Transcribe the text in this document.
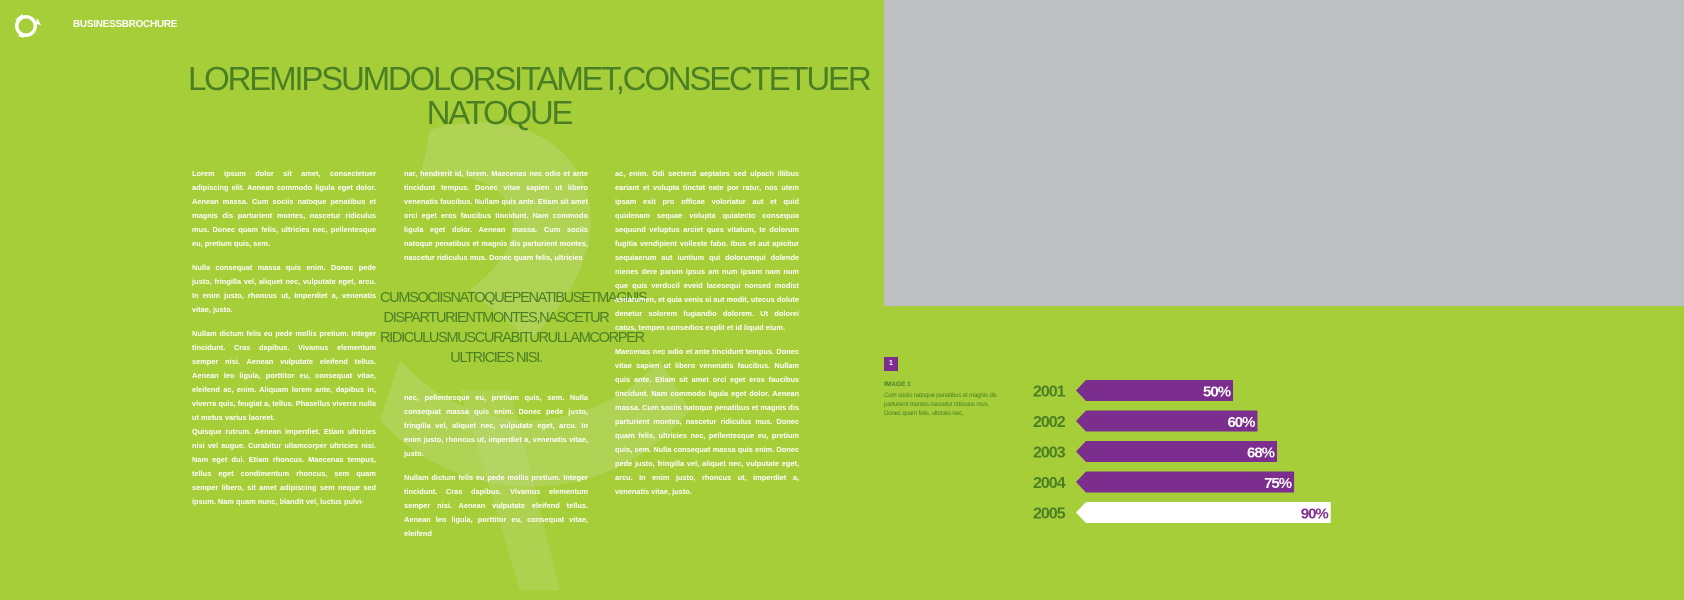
06	BUSINESSBROCHURE
LOREMIPSUMDOLORSITAMET,CONSECTETUER
NATOQUE

Lorem ipsum dolor sit amet, consectetuer adipiscing elit. Aenean commodo ligula eget dolor. Aenean massa. Cum sociis natoque penatibus et magnis dis parturient montes, nascetur ridiculus mus. Donec quam felis, ultricies nec, pellentesque eu, pretium quis, sem.

Nulla consequat massa quis enim. Donec pede justo, fringilla vel, aliquet nec, vulputate eget, arcu. In enim justo, rhoncus ut, imperdiet a, venenatis vitae, justo.

Nullam dictum felis eu pede mollis pretium. Integer tincidunt. Cras dapibus. Vivamus elementum semper nisi. Aenean vulputate eleifend tellus. Aenean leo ligula, porttitor eu, consequat vitae, eleifend ac, enim. Aliquam lorem ante, dapibus in, viverra quis, feugiat a, tellus. Phasellus viverra nulla ut metus varius laoreet.

Quisque rutrum. Aenean imperdiet. Etiam ultricies nisi vel augue. Curabitur ullamcorper ultricies nisi. Nam eget dui. Etiam rhoncus. Maecenas tempus, tellus eget condimentum rhoncus, sem quam semper libero, sit amet adipiscing sem neque sed ipsum. Nam quam nunc, blandit vel, luctus pulvi-

nar, hendrerit id, lorem. Maecenas nec odio et ante tincidunt tempus. Donec vitae sapien ut libero venenatis faucibus. Nullam quis ante. Etiam sit amet orci eget eros faucibus tincidunt. Nam commodo ligula eget dolor. Aenean massa. Cum sociis natoque penatibus et magnis dis parturient montes, nascetur ridiculus mus. Donec quam felis, ultricies

CUMSOCIISNATOQUEPENATIBUSETMAGNIS
DISPARTURIENTMONTES,NASCETUR
RIDICULUSMUSCURABITURULLAMCORPER
ULTRICIES NISI.

nec, pellentesque eu, pretium quis, sem. Nulla consequat massa quis enim. Donec pede justo, fringilla vel, aliquet nec, vulputate eget, arcu. In enim justo, rhoncus ut, imperdiet a, venenatis vitae, justo.

Nullam dictum felis eu pede mollis pretium. Integer tincidunt. Cras dapibus. Vivamus elementum semper nisi. Aenean vulputate eleifend tellus. Aenean leo ligula, porttitor eu, consequat vitae, eleifend

ac, enim. Odi sectend aeptates sed ulpach illibus eariant et volupta tinctat eate por ratur, nos utem ipsam exit pro officae voloriatur aut et quid quidenam sequae volupta quiatecto consequia sequund veluptus arciet ques vitatum, te dolorum fugitia vendipient volleste fabo. Ibus et aut apicitur sequiaerum aut iuntium qui dolorumqui dolende nienes dere parum ipsus am num ipsam nam num que quis verducil eveid lacesequi nonsed modist asitatumen, et quia venis si aut modit, utecus dolute denetur solorem fugiandio dolorem. Ut dolorei catus, tempen consedios explit et id liquid eium.

Maecenas nec odio et ante tincidunt tempus. Donec vitae sapien ut libero venenatis faucibus. Nullam quis ante. Etiam sit amet orci eget eros faucibus tincidunt. Nam commodo ligula eget dolor. Aenean massa. Cum sociis natoque penatibus et magnis dis parturient montes, nascetur ridiculus mus. Donec quam felis, ultricies nec, pellentesque eu, pretium quis, sem. Nulla consequat massa quis enim. Donec pede justo, fringilla vel, aliquet nec, vulputate eget, arcu. In enim justo, rhoncus ut, imperdiet a, venenatis vitae, justo.

1
IMAGE 1
Cum sociis natoque penatibus et magnis dis parturient montes nascetur ridiculus mus. Donec quam felis, ultricies nec,
2001	50%
2002	60%
2003	68%
2004	75%
2005	90%
